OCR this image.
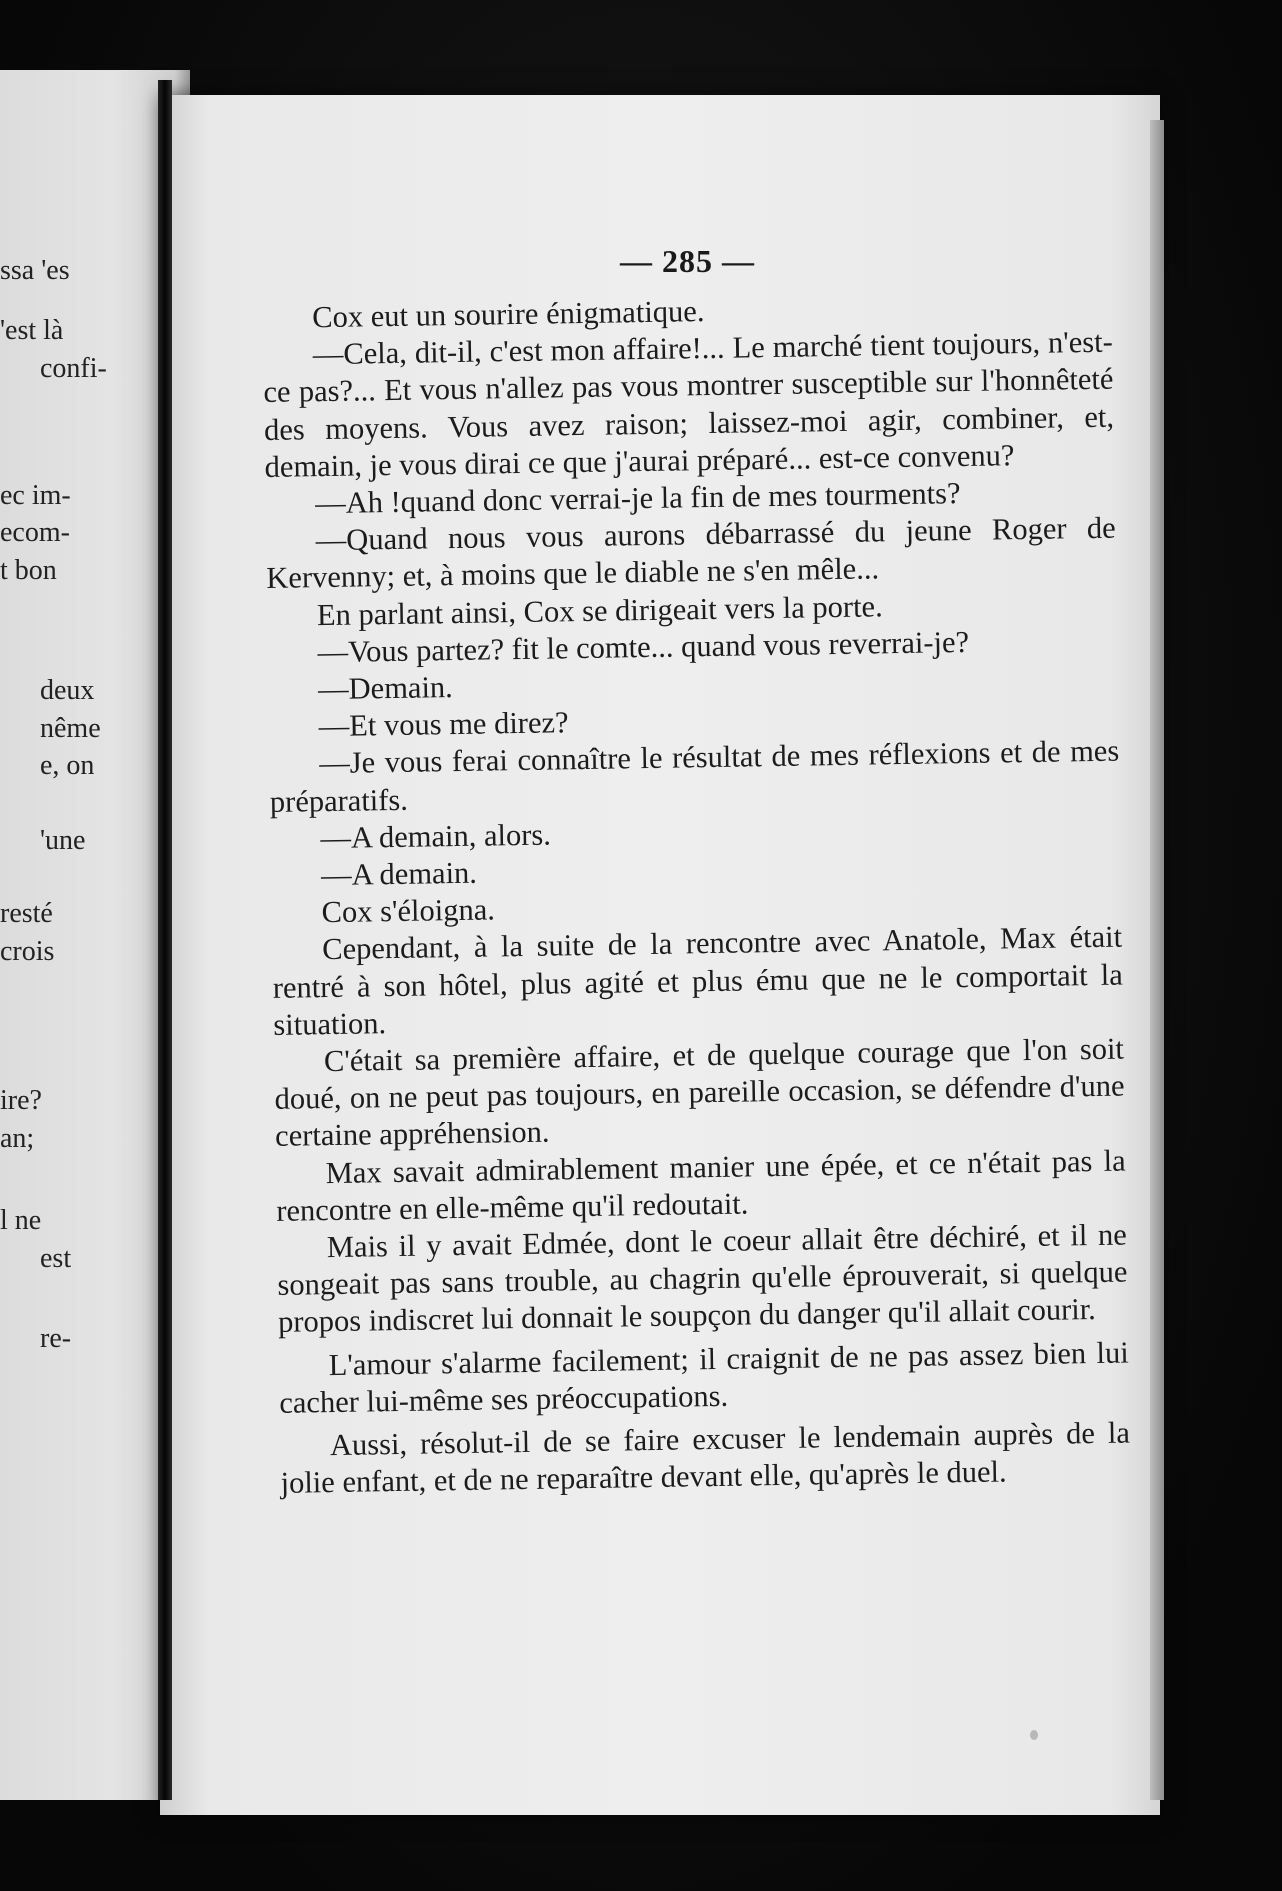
ssa 'es
'est là
confi-
ec im-
ecom-
t bon
deux
nême
e, on
'une
resté
crois
ire?
an;
l ne
est
re-
— 285 —

Cox eut un sourire énigmatique.

—Cela, dit-il, c'est mon affaire!... Le marché tient toujours, n'est-ce pas?... Et vous n'allez pas vous montrer susceptible sur l'honnêteté des moyens. Vous avez raison; laissez-moi agir, combiner, et, demain, je vous dirai ce que j'aurai préparé... est-ce convenu?

—Ah !quand donc verrai-je la fin de mes tourments?

—Quand nous vous aurons débarrassé du jeune Roger de Kervenny; et, à moins que le diable ne s'en mêle...

En parlant ainsi, Cox se dirigeait vers la porte.

—Vous partez? fit le comte... quand vous reverrai-je?

—Demain.

—Et vous me direz?

—Je vous ferai connaître le résultat de mes réflexions et de mes préparatifs.

—A demain, alors.

—A demain.

Cox s'éloigna.

Cependant, à la suite de la rencontre avec Anatole, Max était rentré à son hôtel, plus agité et plus ému que ne le comportait la situation.

C'était sa première affaire, et de quelque courage que l'on soit doué, on ne peut pas toujours, en pareille occasion, se défendre d'une certaine appréhension.

Max savait admirablement manier une épée, et ce n'était pas la rencontre en elle-même qu'il redoutait.

Mais il y avait Edmée, dont le coeur allait être déchiré, et il ne songeait pas sans trouble, au chagrin qu'elle éprouverait, si quelque propos indiscret lui donnait le soupçon du danger qu'il allait courir.

L'amour s'alarme facilement; il craignit de ne pas assez bien lui cacher lui-même ses préoccupations.

Aussi, résolut-il de se faire excuser le lendemain auprès de la jolie enfant, et de ne reparaître devant elle, qu'après le duel.
